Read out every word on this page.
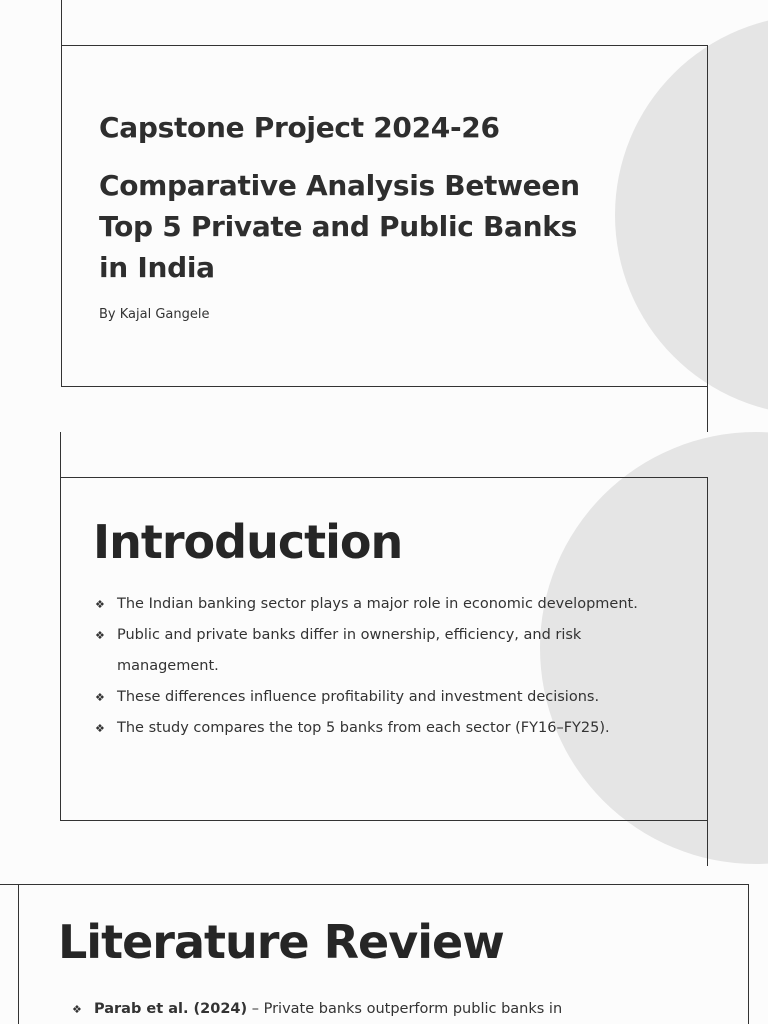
Capstone Project 2024-26
Comparative Analysis Between
Top 5 Private and Public Banks
in India

By Kajal Gangele

Introduction
❖ The Indian banking sector plays a major role in economic development.
❖ Public and private banks differ in ownership, efficiency, and risk management.
❖ These differences influence profitability and investment decisions.
❖ The study compares the top 5 banks from each sector (FY16–FY25).
Literature Review
❖ Parab et al. (2024) – Private banks outperform public banks in
